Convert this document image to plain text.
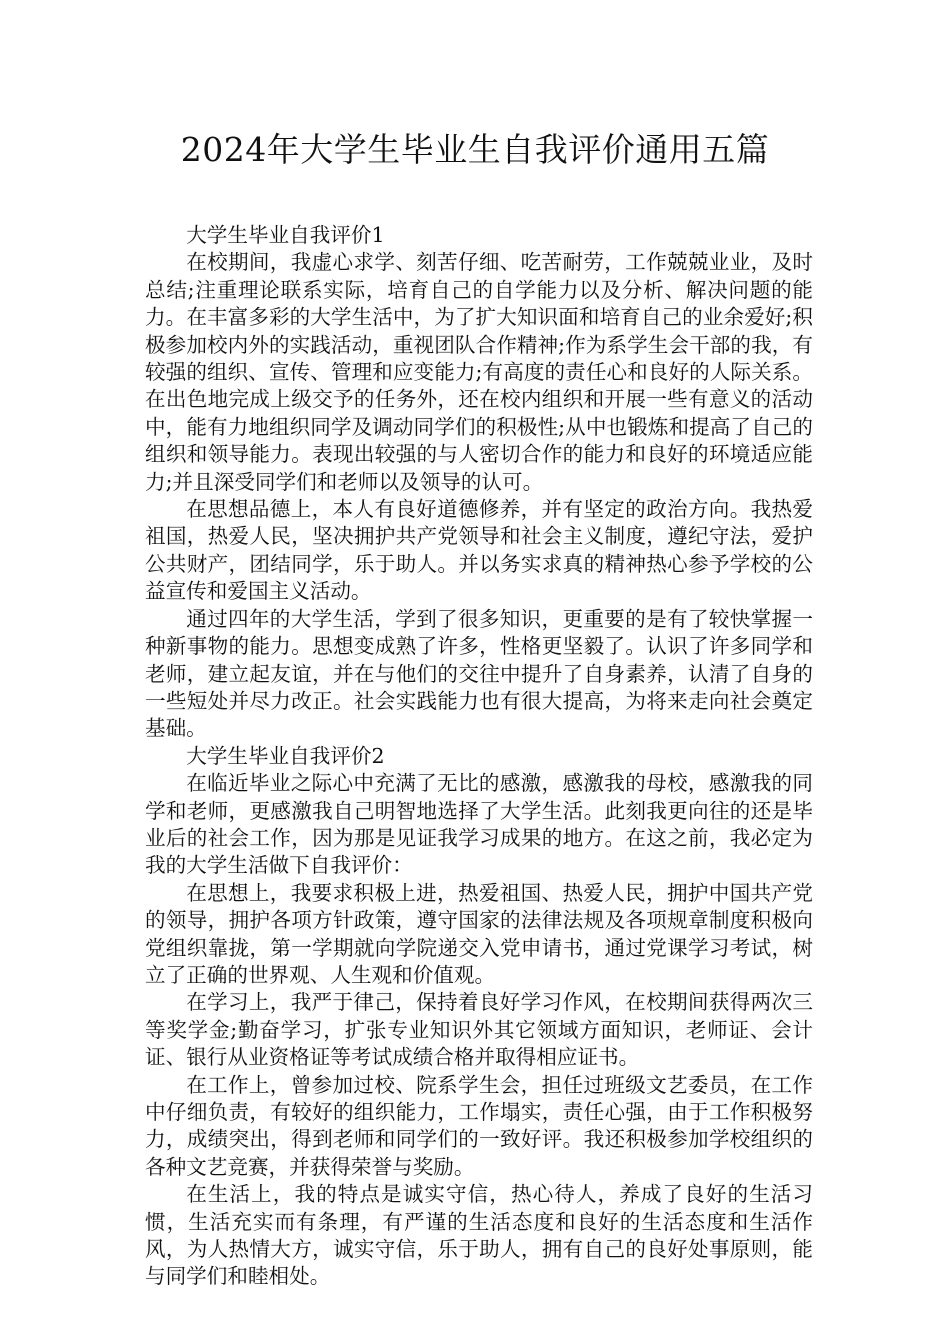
2024年大学生毕业生自我评价通用五篇

大学生毕业自我评价1

在校期间，我虚心求学、刻苦仔细、吃苦耐劳，工作兢兢业业，及时总结;注重理论联系实际，培育自己的自学能力以及分析、解决问题的能力。在丰富多彩的大学生活中，为了扩大知识面和培育自己的业余爱好;积极参加校内外的实践活动，重视团队合作精神;作为系学生会干部的我，有较强的组织、宣传、管理和应变能力;有高度的责任心和良好的人际关系。在出色地完成上级交予的任务外，还在校内组织和开展一些有意义的活动中，能有力地组织同学及调动同学们的积极性;从中也锻炼和提高了自己的组织和领导能力。表现出较强的与人密切合作的能力和良好的环境适应能力;并且深受同学们和老师以及领导的认可。

在思想品德上，本人有良好道德修养，并有坚定的政治方向。我热爱祖国，热爱人民，坚决拥护共产党领导和社会主义制度，遵纪守法，爱护公共财产，团结同学，乐于助人。并以务实求真的精神热心参予学校的公益宣传和爱国主义活动。

通过四年的大学生活，学到了很多知识，更重要的是有了较快掌握一种新事物的能力。思想变成熟了许多，性格更坚毅了。认识了许多同学和老师，建立起友谊，并在与他们的交往中提升了自身素养，认清了自身的一些短处并尽力改正。社会实践能力也有很大提高，为将来走向社会奠定基础。

大学生毕业自我评价2

在临近毕业之际心中充满了无比的感激，感激我的母校，感激我的同学和老师，更感激我自己明智地选择了大学生活。此刻我更向往的还是毕业后的社会工作，因为那是见证我学习成果的地方。在这之前，我必定为我的大学生活做下自我评价：

在思想上，我要求积极上进，热爱祖国、热爱人民，拥护中国共产党的领导，拥护各项方针政策，遵守国家的法律法规及各项规章制度积极向党组织靠拢，第一学期就向学院递交入党申请书，通过党课学习考试，树立了正确的世界观、人生观和价值观。

在学习上，我严于律己，保持着良好学习作风，在校期间获得两次三等奖学金;勤奋学习，扩张专业知识外其它领域方面知识，老师证、会计证、银行从业资格证等考试成绩合格并取得相应证书。

在工作上，曾参加过校、院系学生会，担任过班级文艺委员，在工作中仔细负责，有较好的组织能力，工作塌实，责任心强，由于工作积极努力，成绩突出，得到老师和同学们的一致好评。我还积极参加学校组织的各种文艺竞赛，并获得荣誉与奖励。

在生活上，我的特点是诚实守信，热心待人，养成了良好的生活习惯，生活充实而有条理，有严谨的生活态度和良好的生活态度和生活作风，为人热情大方，诚实守信，乐于助人，拥有自己的良好处事原则，能与同学们和睦相处。
